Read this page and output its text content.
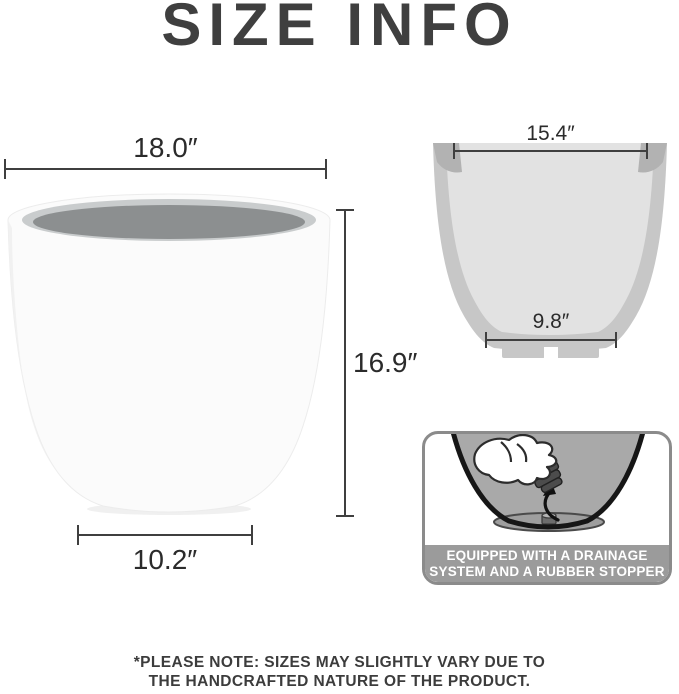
SIZE INFO
18.0″
16.9″
10.2″
15.4″
9.8″
EQUIPPED WITH A DRAINAGE
SYSTEM AND A RUBBER STOPPER
*PLEASE NOTE: SIZES MAY SLIGHTLY VARY DUE TO
THE HANDCRAFTED NATURE OF THE PRODUCT.
